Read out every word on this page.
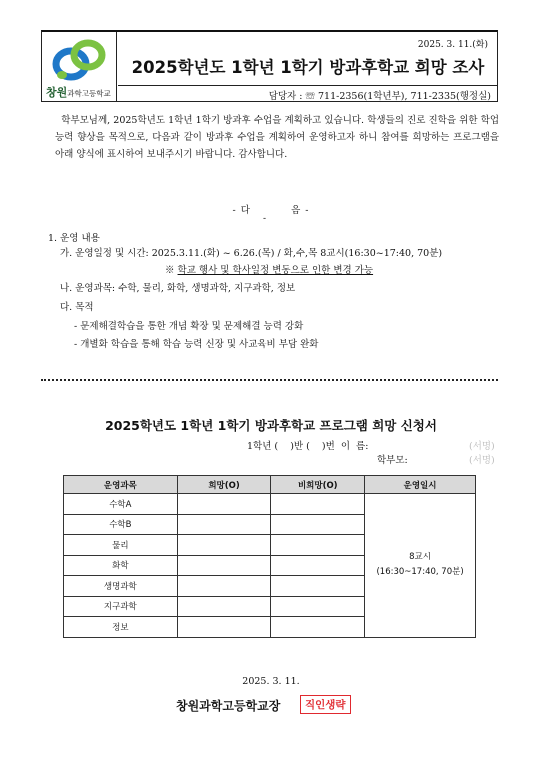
2025. 3. 11.(화)
창원과학고등학교
2025학년도 1학년 1학기 방과후학교 희망 조사
담당자 : ☏ 711-2356(1학년부), 711-2335(행정실)
학부모님께, 2025학년도 1학년 1학기 방과후 수업을 계획하고 있습니다. 학생들의 진로 진학을 위한 학업능력 향상을 목적으로, 다음과 같이 방과후 수업을 계획하여 운영하고자 하니 참여를 희망하는 프로그램을 아래 양식에 표시하여 보내주시기 바랍니다. 감사합니다.
- 다          음 -
-
1. 운영 내용
가. 운영일정 및 시간: 2025.3.11.(화) ~ 6.26.(목) / 화,수,목 8교시(16:30~17:40, 70분)
※ 학교 행사 및 학사일정 변동으로 인한 변경 가능
나. 운영과목: 수학, 물리, 화학, 생명과학, 지구과학, 정보
다. 목적
- 문제해결학습을 통한 개념 확장 및 문제해결 능력 강화
- 개별화 학습을 통해 학습 능력 신장 및 사교육비 부담 완화
2025학년도 1학년 1학기 방과후학교 프로그램 희망 신청서
1학년 (    )반 (    )번  이  름:	(서명)
학부모:	(서명)
운영과목	희망(O)	비희망(O)	운영일시
수학A			8교시
(16:30~17:40, 70분)

수학B			
물리			
화학			
생명과학			
지구과학			
정보			
2025. 3. 11.
창원과학고등학교장	직인생략
